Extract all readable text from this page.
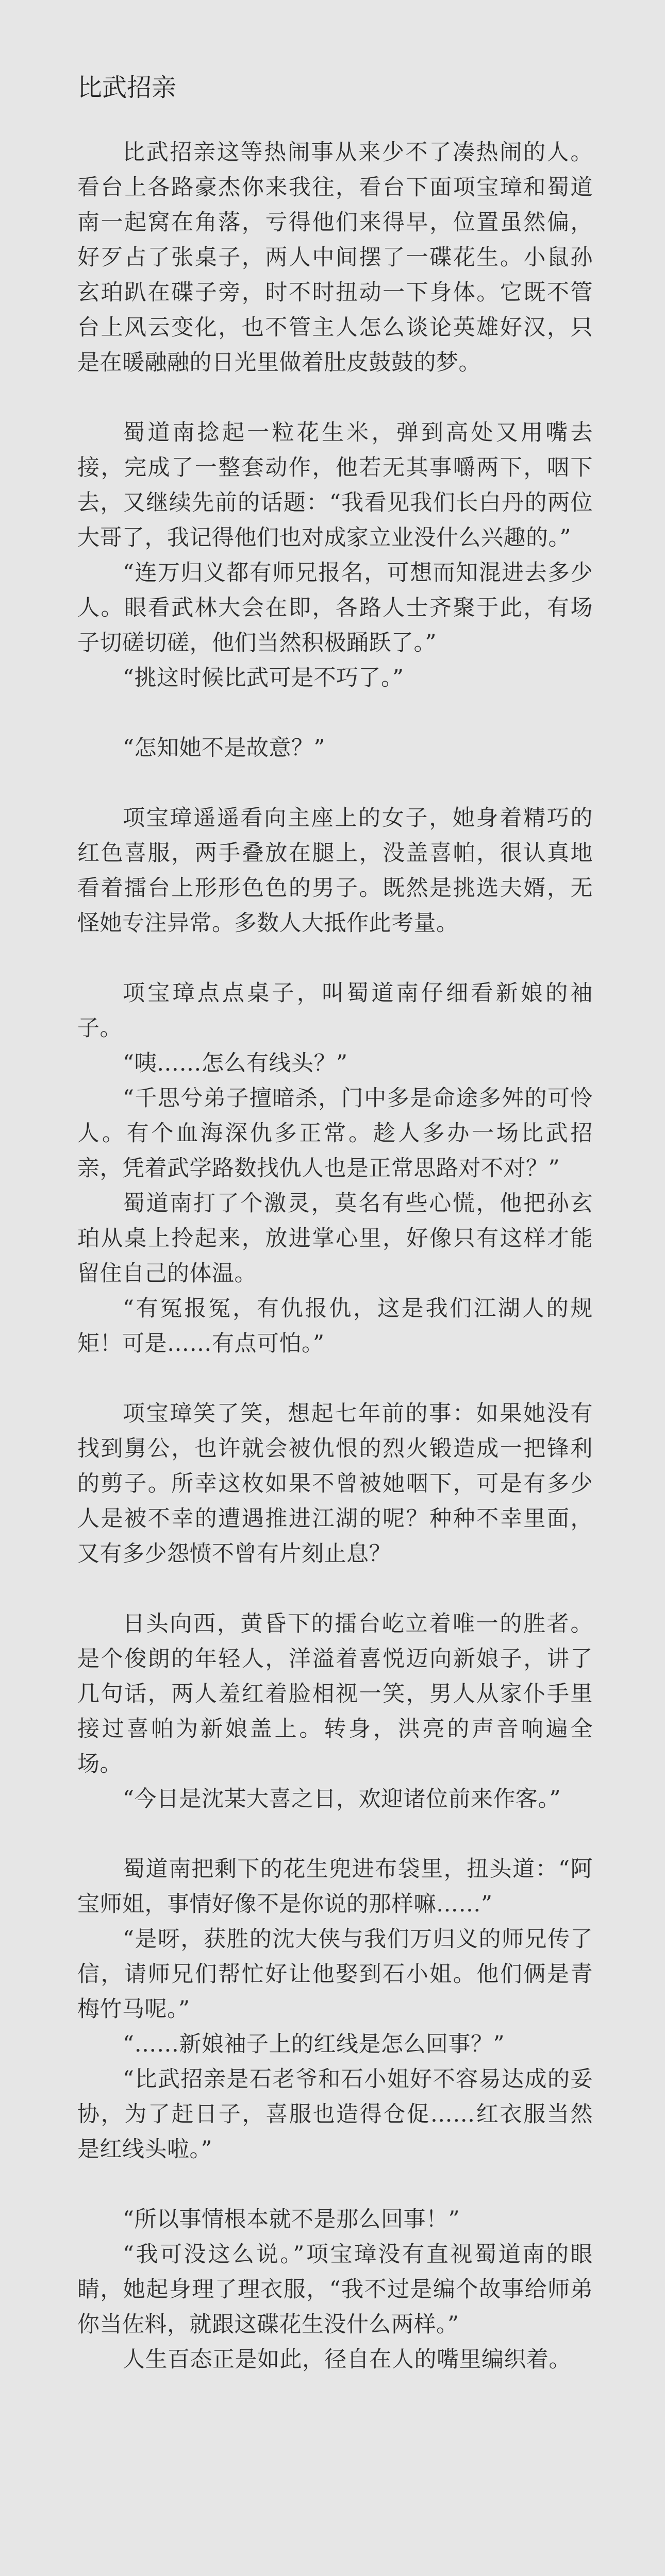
比武招亲

比武招亲这等热闹事从来少不了凑热闹的人。看台上各路豪杰你来我往，看台下面项宝璋和蜀道南一起窝在角落，亏得他们来得早，位置虽然偏，好歹占了张桌子，两人中间摆了一碟花生。小鼠孙玄珀趴在碟子旁，时不时扭动一下身体。它既不管台上风云变化，也不管主人怎么谈论英雄好汉，只是在暖融融的日光里做着肚皮鼓鼓的梦。

蜀道南捻起一粒花生米，弹到高处又用嘴去接，完成了一整套动作，他若无其事嚼两下，咽下去，又继续先前的话题：“我看见我们长白丹的两位大哥了，我记得他们也对成家立业没什么兴趣的。”

“连万归义都有师兄报名，可想而知混进去多少人。眼看武林大会在即，各路人士齐聚于此，有场子切磋切磋，他们当然积极踊跃了。”

“挑这时候比武可是不巧了。”

“怎知她不是故意？”

项宝璋遥遥看向主座上的女子，她身着精巧的红色喜服，两手叠放在腿上，没盖喜帕，很认真地看着擂台上形形色色的男子。既然是挑选夫婿，无怪她专注异常。多数人大抵作此考量。

项宝璋点点桌子，叫蜀道南仔细看新娘的袖子。

“咦……怎么有线头？”

“千思兮弟子擅暗杀，门中多是命途多舛的可怜人。有个血海深仇多正常。趁人多办一场比武招亲，凭着武学路数找仇人也是正常思路对不对？”

蜀道南打了个激灵，莫名有些心慌，他把孙玄珀从桌上拎起来，放进掌心里，好像只有这样才能留住自己的体温。

“有冤报冤，有仇报仇，这是我们江湖人的规矩！可是……有点可怕。”

项宝璋笑了笑，想起七年前的事：如果她没有找到舅公，也许就会被仇恨的烈火锻造成一把锋利的剪子。所幸这枚如果不曾被她咽下，可是有多少人是被不幸的遭遇推进江湖的呢？种种不幸里面，又有多少怨愤不曾有片刻止息？

日头向西，黄昏下的擂台屹立着唯一的胜者。是个俊朗的年轻人，洋溢着喜悦迈向新娘子，讲了几句话，两人羞红着脸相视一笑，男人从家仆手里接过喜帕为新娘盖上。转身，洪亮的声音响遍全场。

“今日是沈某大喜之日，欢迎诸位前来作客。”

蜀道南把剩下的花生兜进布袋里，扭头道：“阿宝师姐，事情好像不是你说的那样嘛……”

“是呀，获胜的沈大侠与我们万归义的师兄传了信，请师兄们帮忙好让他娶到石小姐。他们俩是青梅竹马呢。”

“……新娘袖子上的红线是怎么回事？”

“比武招亲是石老爷和石小姐好不容易达成的妥协，为了赶日子，喜服也造得仓促……红衣服当然是红线头啦。”

“所以事情根本就不是那么回事！”

“我可没这么说。”项宝璋没有直视蜀道南的眼睛，她起身理了理衣服，“我不过是编个故事给师弟你当佐料，就跟这碟花生没什么两样。”

人生百态正是如此，径自在人的嘴里编织着。
